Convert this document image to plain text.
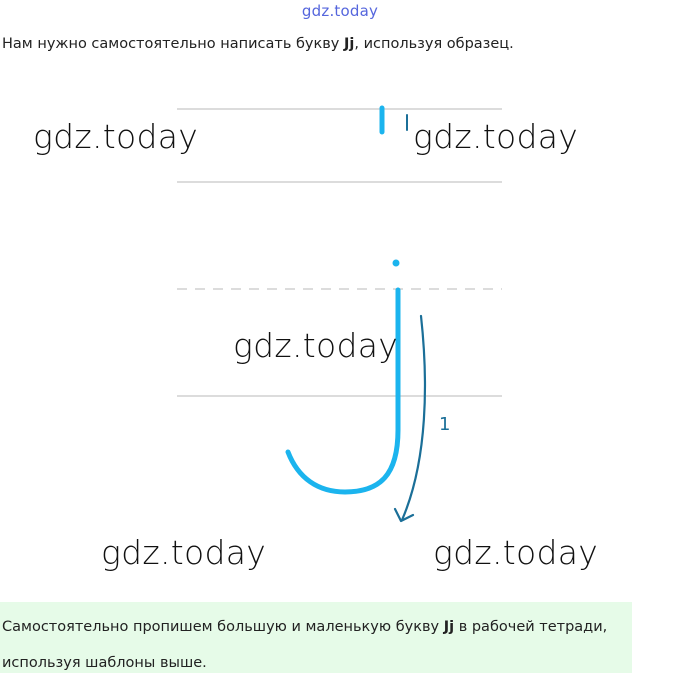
gdz.today

Нам нужно самостоятельно написать букву Jj, используя образец.

1
gdz.today	gdz.today
gdz.today
gdz.today	gdz.today

Самостоятельно пропишем большую и маленькую букву Jj в рабочей тетради, используя шаблоны выше.
